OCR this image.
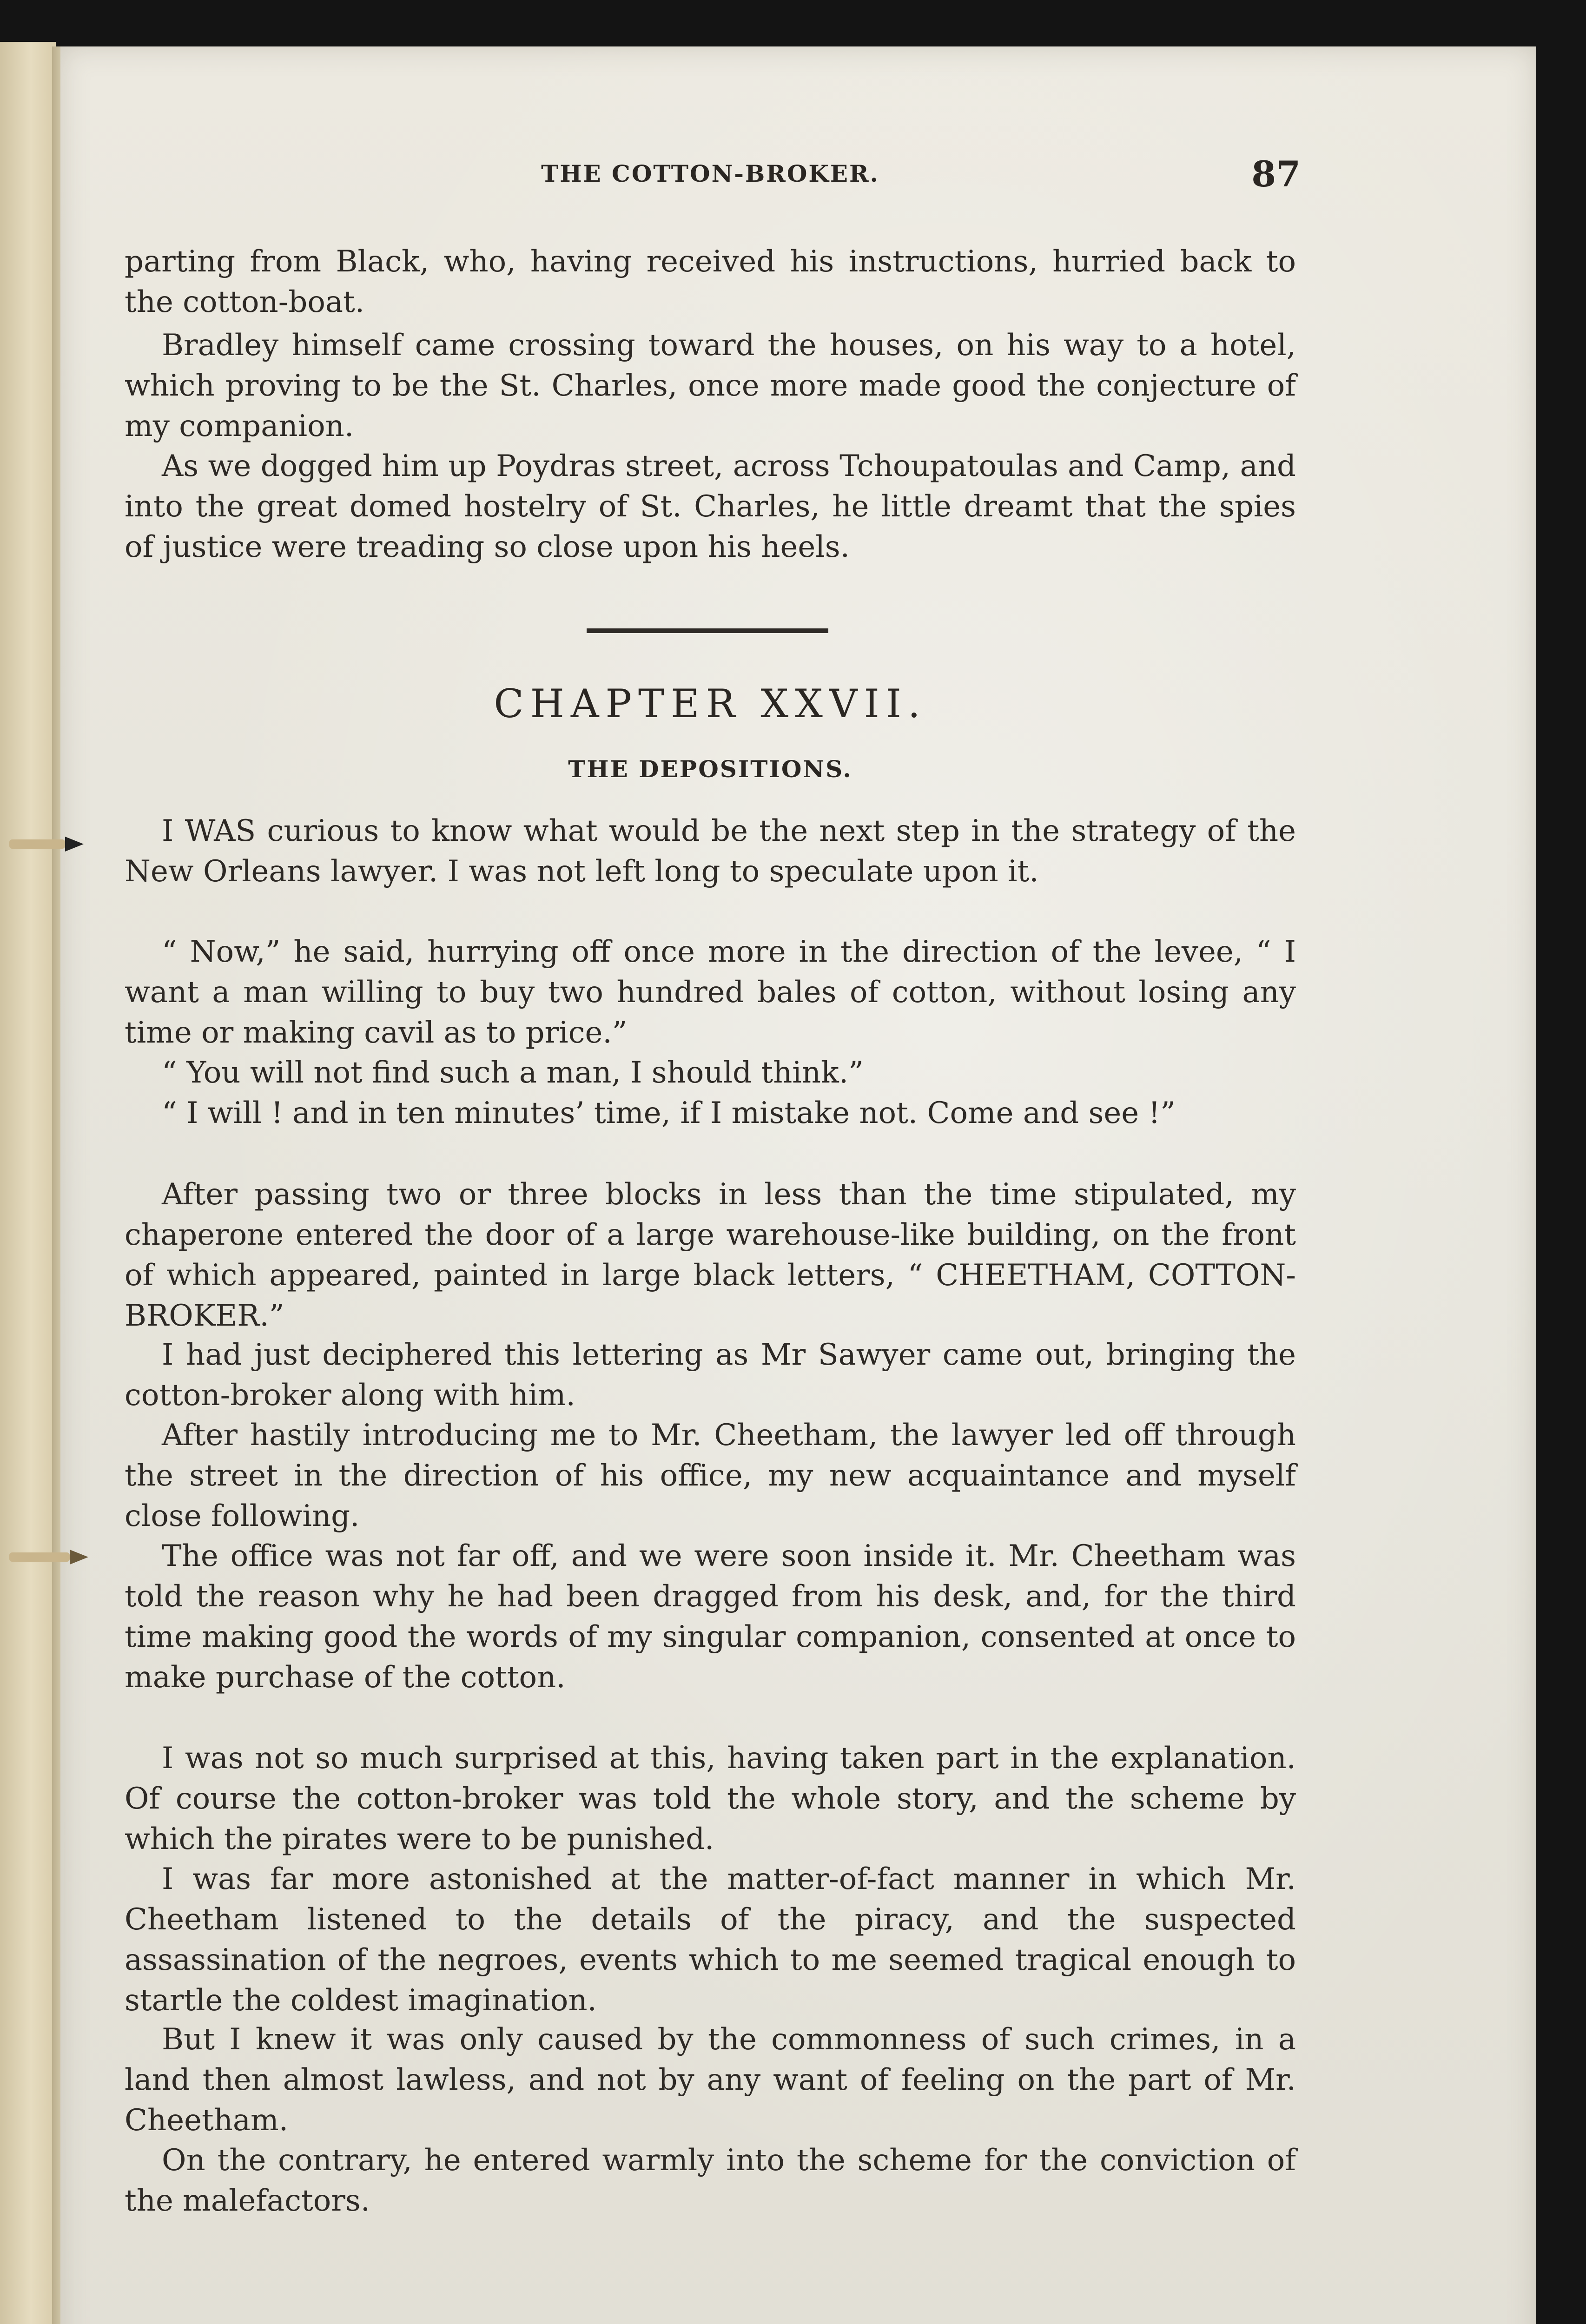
THE COTTON-BROKER.	87

parting from Black, who, having received his instructions, hurried back to the cotton-boat.

Bradley himself came crossing toward the houses, on his way to a hotel, which proving to be the St. Charles, once more made good the conjecture of my companion.

As we dogged him up Poydras street, across Tchoupatoulas and Camp, and into the great domed hostelry of St. Charles, he little dreamt that the spies of justice were treading so close upon his heels.

CHAPTER XXVII.
THE DEPOSITIONS.

I WAS curious to know what would be the next step in the strategy of the New Orleans lawyer. I was not left long to speculate upon it.

“ Now,” he said, hurrying off once more in the direction of the levee, “ I want a man willing to buy two hundred bales of cotton, without losing any time or making cavil as to price.”

“ You will not find such a man, I should think.”

“ I will ! and in ten minutes’ time, if I mistake not. Come and see !”

After passing two or three blocks in less than the time stipulated, my chaperone entered the door of a large warehouse-like building, on the front of which appeared, painted in large black letters, “ CHEETHAM, COTTON-BROKER.”

I had just deciphered this lettering as Mr Sawyer came out, bringing the cotton-broker along with him.

After hastily introducing me to Mr. Cheetham, the lawyer led off through the street in the direction of his office, my new acquaintance and myself close following.

The office was not far off, and we were soon inside it. Mr. Cheetham was told the reason why he had been dragged from his desk, and, for the third time making good the words of my singular companion, consented at once to make purchase of the cotton.

I was not so much surprised at this, having taken part in the explanation. Of course the cotton-broker was told the whole story, and the scheme by which the pirates were to be punished.

I was far more astonished at the matter-of-fact manner in which Mr. Cheetham listened to the details of the piracy, and the suspected assassination of the negroes, events which to me seemed tragical enough to startle the coldest imagination.

But I knew it was only caused by the commonness of such crimes, in a land then almost lawless, and not by any want of feeling on the part of Mr. Cheetham.

On the contrary, he entered warmly into the scheme for the conviction of the malefactors.
